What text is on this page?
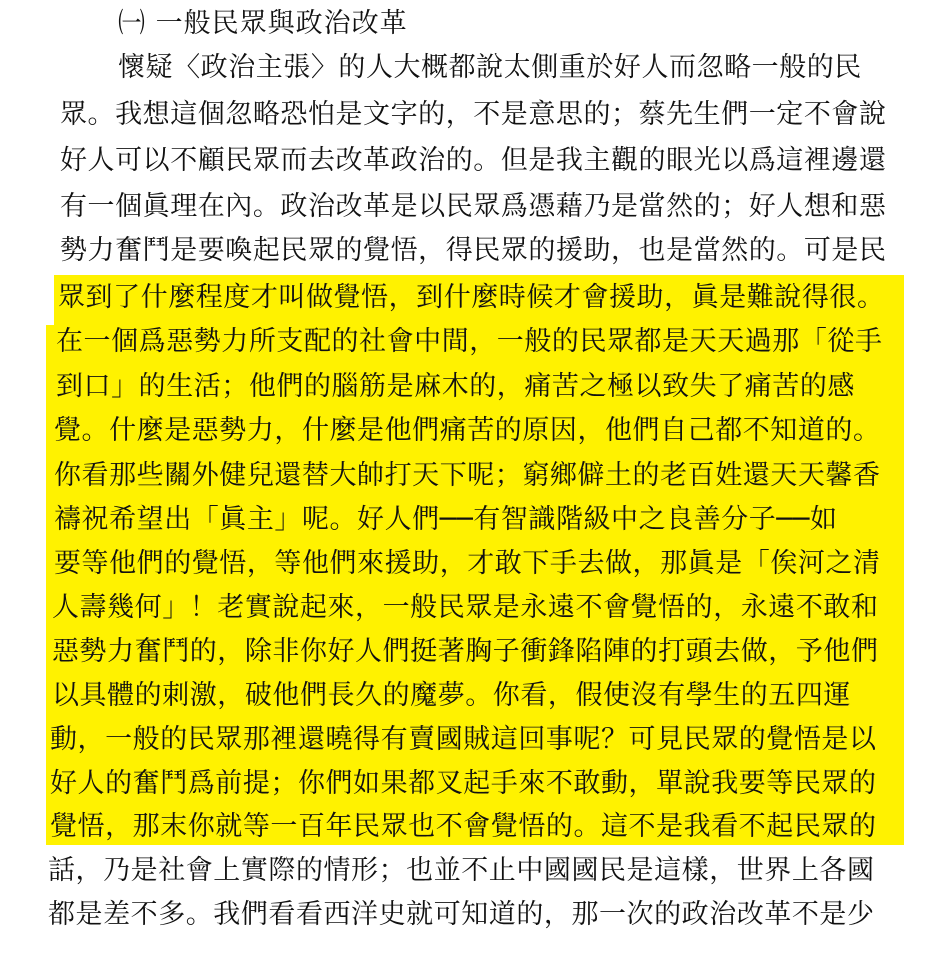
㈠ 一般民眾與政治改革
懷疑〈政治主張〉的人大概都說太側重於好人而忽略一般的民
眾。我想這個忽略恐怕是文字的，不是意思的；蔡先生們一定不會說
好人可以不顧民眾而去改革政治的。但是我主觀的眼光以爲這裡邊還
有一個眞理在內。政治改革是以民眾爲憑藉乃是當然的；好人想和惡
勢力奮鬥是要喚起民眾的覺悟，得民眾的援助，也是當然的。可是民
眾到了什麼程度才叫做覺悟，到什麼時候才會援助，眞是難說得很。
在一個爲惡勢力所支配的社會中間，一般的民眾都是天天過那「從手
到口」的生活；他們的腦筋是麻木的，痛苦之極以致失了痛苦的感
覺。什麼是惡勢力，什麼是他們痛苦的原因，他們自己都不知道的。
你看那些關外健兒還替大帥打天下呢；窮鄉僻土的老百姓還天天馨香
禱祝希望出「眞主」呢。好人們──有智識階級中之良善分子──如
要等他們的覺悟，等他們來援助，才敢下手去做，那眞是「俟河之清
人壽幾何」！老實說起來，一般民眾是永遠不會覺悟的，永遠不敢和
惡勢力奮鬥的，除非你好人們挺著胸子衝鋒陷陣的打頭去做，予他們
以具體的刺激，破他們長久的魔夢。你看，假使沒有學生的五四運
動，一般的民眾那裡還曉得有賣國賊這回事呢？可見民眾的覺悟是以
好人的奮鬥爲前提；你們如果都叉起手來不敢動，單說我要等民眾的
覺悟，那末你就等一百年民眾也不會覺悟的。這不是我看不起民眾的
話，乃是社會上實際的情形；也並不止中國國民是這樣，世界上各國
都是差不多。我們看看西洋史就可知道的，那一次的政治改革不是少
